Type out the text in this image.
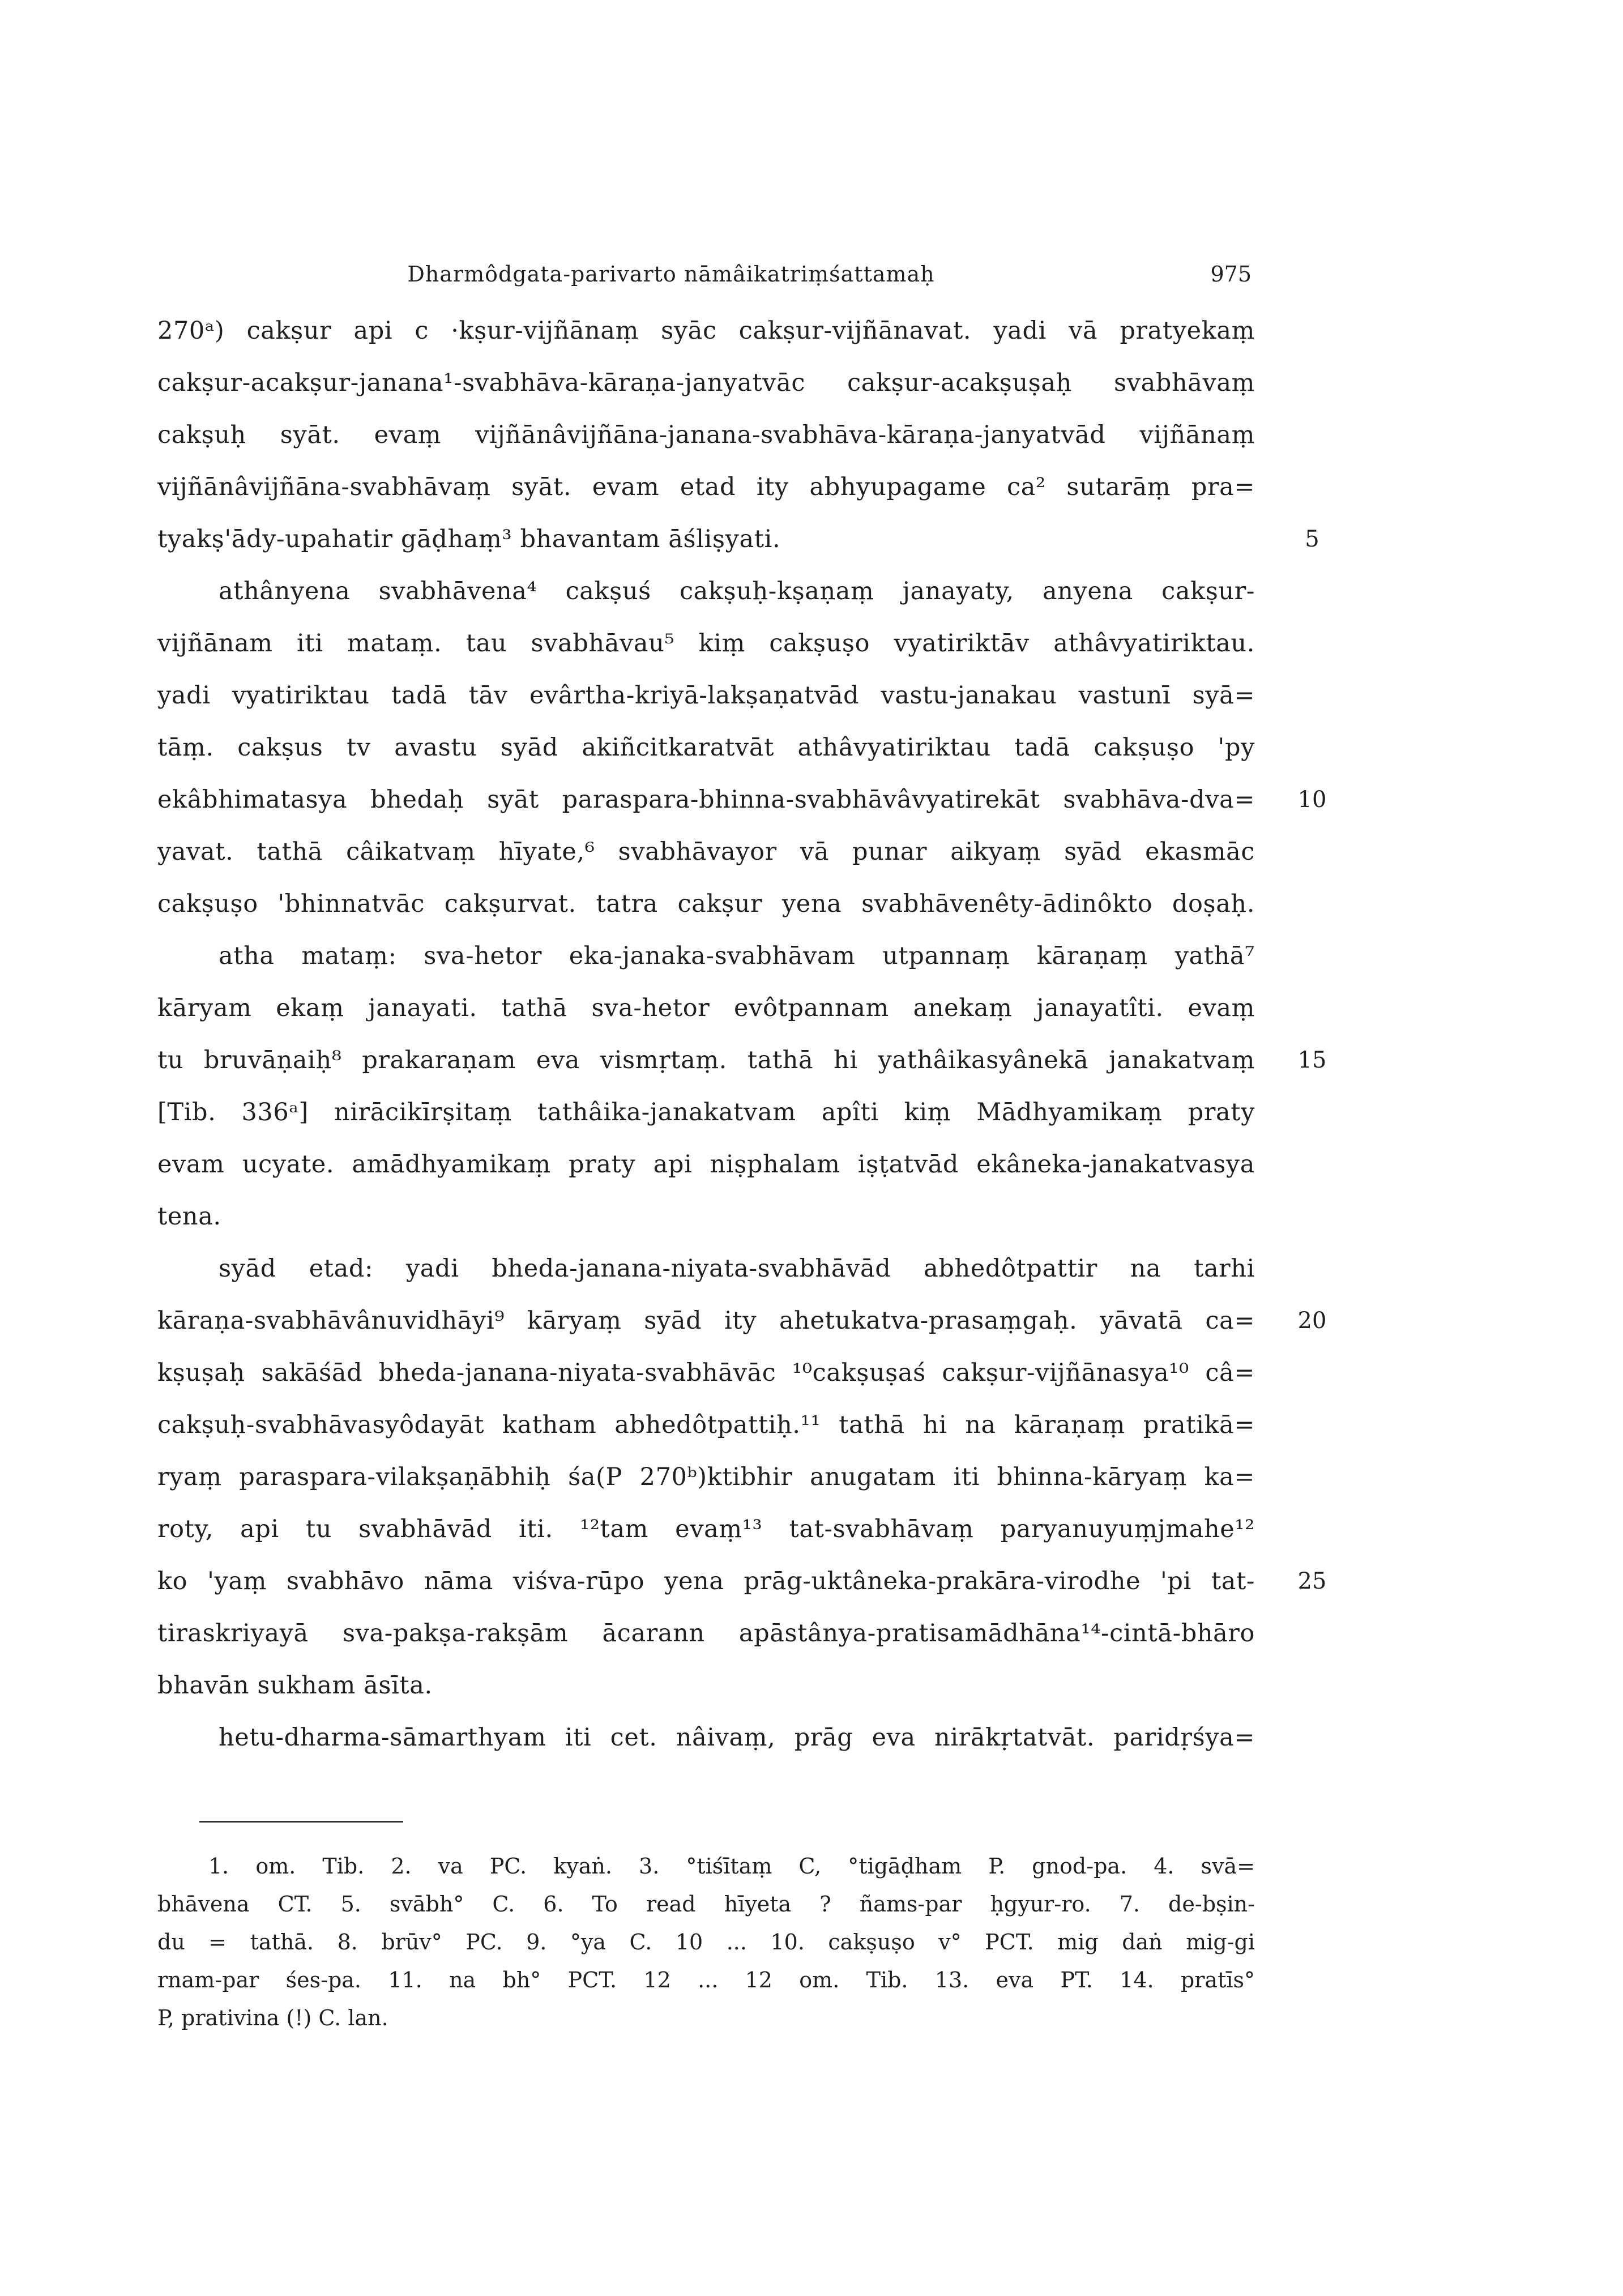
Dharmôdgata-parivarto nāmâikatriṃśattamaḥ	975
270ᵃ) cakṣur api c ·kṣur-vijñānaṃ syāc cakṣur-vijñānavat. yadi vā pratyekaṃ
cakṣur-acakṣur-janana¹-svabhāva-kāraṇa-janyatvāc cakṣur-acakṣuṣaḥ svabhāvaṃ
cakṣuḥ syāt. evaṃ vijñānâvijñāna-janana-svabhāva-kāraṇa-janyatvād vijñānaṃ
vijñānâvijñāna-svabhāvaṃ syāt. evam etad ity abhyupagame ca² sutarāṃ pra=
tyakṣ'ādy-upahatir gāḍhaṃ³ bhavantam āśliṣyati.
athânyena svabhāvena⁴ cakṣuś cakṣuḥ-kṣaṇaṃ janayaty, anyena cakṣur-
vijñānam iti mataṃ. tau svabhāvau⁵ kiṃ cakṣuṣo vyatiriktāv athâvyatiriktau.
yadi vyatiriktau tadā tāv evârtha-kriyā-lakṣaṇatvād vastu-janakau vastunī syā=
tāṃ. cakṣus tv avastu syād akiñcitkaratvāt athâvyatiriktau tadā cakṣuṣo 'py
ekâbhimatasya bhedaḥ syāt paraspara-bhinna-svabhāvâvyatirekāt svabhāva-dva=
yavat. tathā câikatvaṃ hīyate,⁶ svabhāvayor vā punar aikyaṃ syād ekasmāc
cakṣuṣo 'bhinnatvāc cakṣurvat. tatra cakṣur yena svabhāvenêty-ādinôkto doṣaḥ.
atha mataṃ: sva-hetor eka-janaka-svabhāvam utpannaṃ kāraṇaṃ yathā⁷
kāryam ekaṃ janayati. tathā sva-hetor evôtpannam anekaṃ janayatîti. evaṃ
tu bruvāṇaiḥ⁸ prakaraṇam eva vismṛtaṃ. tathā hi yathâikasyânekā janakatvaṃ
[Tib. 336ᵃ] nirācikīrṣitaṃ tathâika-janakatvam apîti kiṃ Mādhyamikaṃ praty
evam ucyate. amādhyamikaṃ praty api niṣphalam iṣṭatvād ekâneka-janakatvasya
tena.
syād etad: yadi bheda-janana-niyata-svabhāvād abhedôtpattir na tarhi
kāraṇa-svabhāvânuvidhāyi⁹ kāryaṃ syād ity ahetukatva-prasaṃgaḥ. yāvatā ca=
kṣuṣaḥ sakāśād bheda-janana-niyata-svabhāvāc ¹⁰cakṣuṣaś cakṣur-vijñānasya¹⁰ câ=
cakṣuḥ-svabhāvasyôdayāt katham abhedôtpattiḥ.¹¹ tathā hi na kāraṇaṃ pratikā=
ryaṃ paraspara-vilakṣaṇābhiḥ śa(P 270ᵇ)ktibhir anugatam iti bhinna-kāryaṃ ka=
roty, api tu svabhāvād iti. ¹²tam evaṃ¹³ tat-svabhāvaṃ paryanuyuṃjmahe¹²
ko 'yaṃ svabhāvo nāma viśva-rūpo yena prāg-uktâneka-prakāra-virodhe 'pi tat-
tiraskriyayā sva-pakṣa-rakṣām ācarann apāstânya-pratisamādhāna¹⁴-cintā-bhāro
bhavān sukham āsīta.
hetu-dharma-sāmarthyam iti cet. nâivaṃ, prāg eva nirākṛtatvāt. paridṛśya=
5
10
15
20
25
1. om. Tib. 2. va PC. kyaṅ. 3. °tiśītaṃ C, °tigāḍham P. gnod-pa. 4. svā=
bhāvena CT. 5. svābh° C. 6. To read hīyeta ? ñams-par ḥgyur-ro. 7. de-bṣin-
du = tathā. 8. brūv° PC. 9. °ya C. 10 ... 10. cakṣuṣo v° PCT. mig daṅ mig-gi
rnam-par śes-pa. 11. na bh° PCT. 12 ... 12 om. Tib. 13. eva PT. 14. pratīs°
P, prativina (!) C. lan.
